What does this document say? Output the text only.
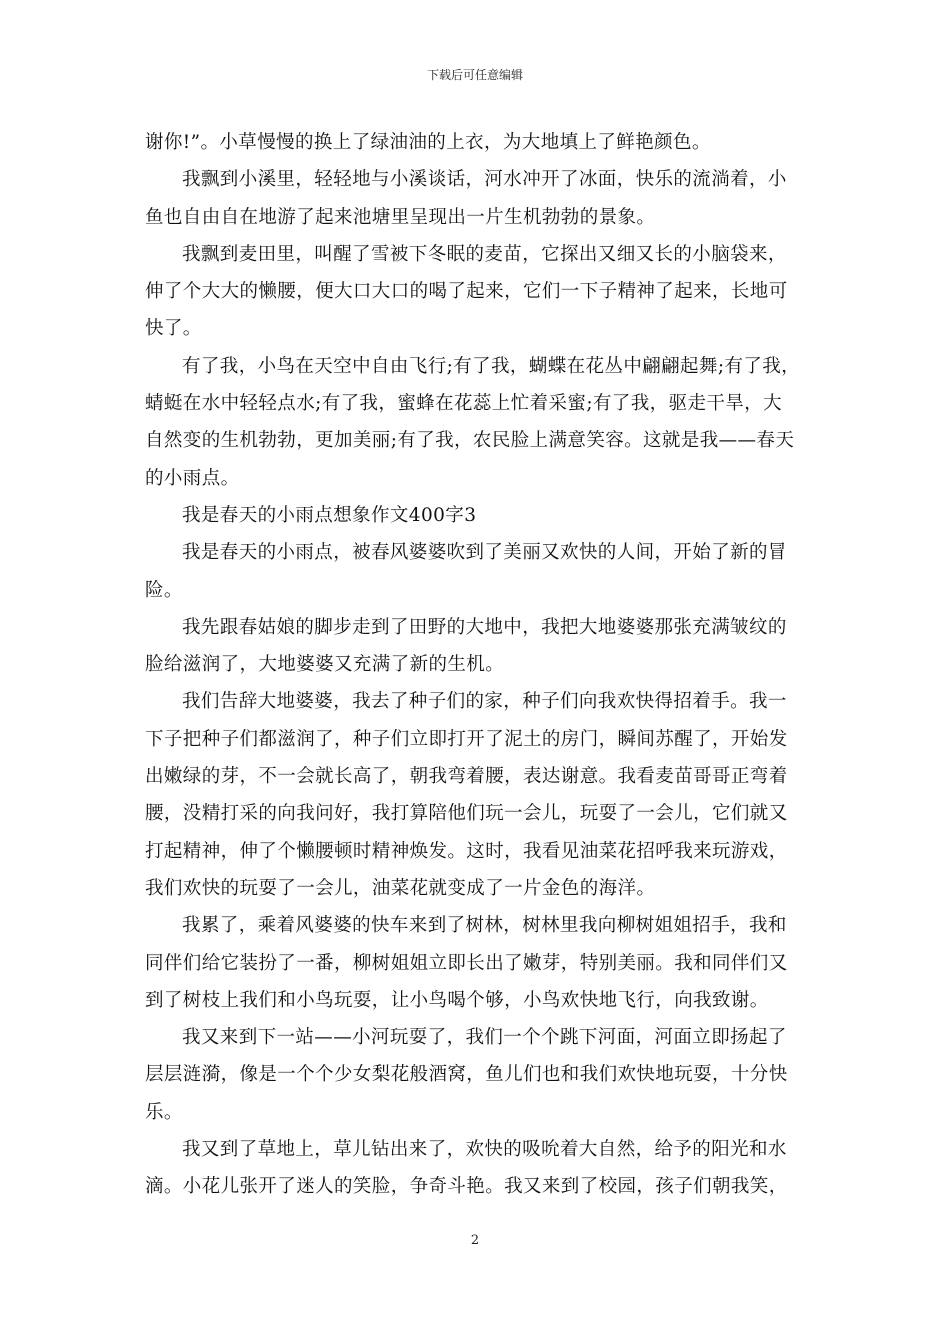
下载后可任意编辑
谢你!”。小草慢慢的换上了绿油油的上衣，为大地填上了鲜艳颜色。
我飘到小溪里，轻轻地与小溪谈话，河水冲开了冰面，快乐的流淌着，小
鱼也自由自在地游了起来池塘里呈现出一片生机勃勃的景象。
我飘到麦田里，叫醒了雪被下冬眠的麦苗，它探出又细又长的小脑袋来，
伸了个大大的懒腰，便大口大口的喝了起来，它们一下子精神了起来，长地可
快了。
有了我，小鸟在天空中自由飞行;有了我，蝴蝶在花丛中翩翩起舞;有了我，
蜻蜓在水中轻轻点水;有了我，蜜蜂在花蕊上忙着采蜜;有了我，驱走干旱，大
自然变的生机勃勃，更加美丽;有了我，农民脸上满意笑容。这就是我——春天
的小雨点。
我是春天的小雨点想象作文400字3
我是春天的小雨点，被春风婆婆吹到了美丽又欢快的人间，开始了新的冒
险。
我先跟春姑娘的脚步走到了田野的大地中，我把大地婆婆那张充满皱纹的
脸给滋润了，大地婆婆又充满了新的生机。
我们告辞大地婆婆，我去了种子们的家，种子们向我欢快得招着手。我一
下子把种子们都滋润了，种子们立即打开了泥土的房门，瞬间苏醒了，开始发
出嫩绿的芽，不一会就长高了，朝我弯着腰，表达谢意。我看麦苗哥哥正弯着
腰，没精打采的向我问好，我打算陪他们玩一会儿，玩耍了一会儿，它们就又
打起精神，伸了个懒腰顿时精神焕发。这时，我看见油菜花招呼我来玩游戏，
我们欢快的玩耍了一会儿，油菜花就变成了一片金色的海洋。
我累了，乘着风婆婆的快车来到了树林，树林里我向柳树姐姐招手，我和
同伴们给它装扮了一番，柳树姐姐立即长出了嫩芽，特别美丽。我和同伴们又
到了树枝上我们和小鸟玩耍，让小鸟喝个够，小鸟欢快地飞行，向我致谢。
我又来到下一站——小河玩耍了，我们一个个跳下河面，河面立即扬起了
层层涟漪，像是一个个少女梨花般酒窝，鱼儿们也和我们欢快地玩耍，十分快
乐。
我又到了草地上，草儿钻出来了，欢快的吸吮着大自然，给予的阳光和水
滴。小花儿张开了迷人的笑脸，争奇斗艳。我又来到了校园，孩子们朝我笑，
2
